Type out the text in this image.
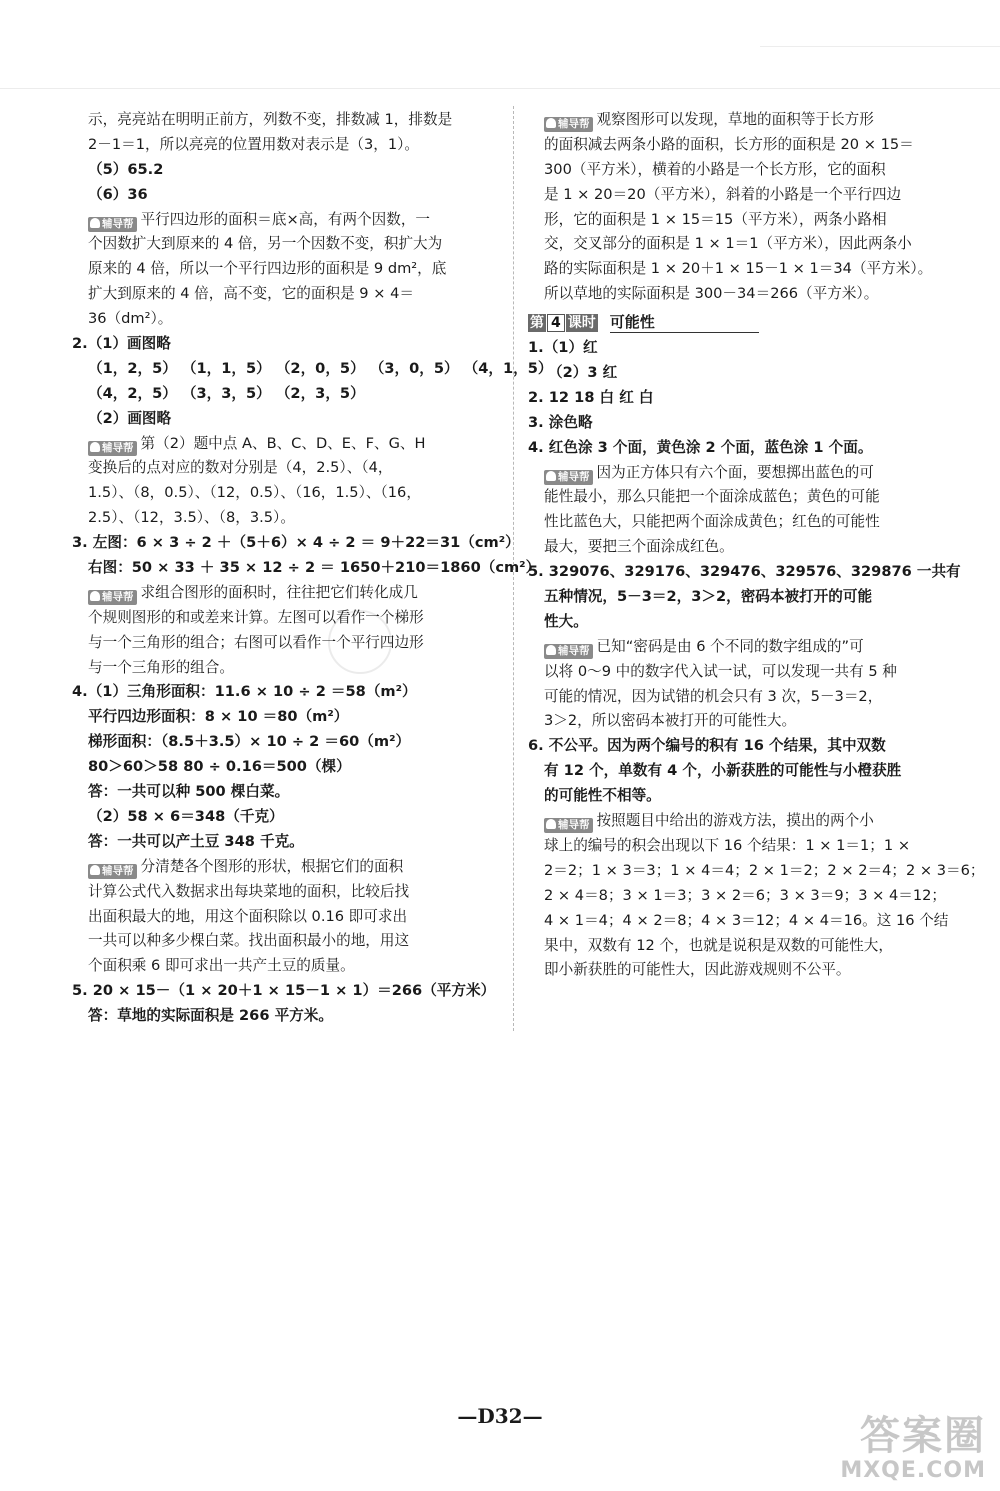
示，亮亮站在明明正前方，列数不变，排数减 1，排数是
2－1＝1，所以亮亮的位置用数对表示是（3，1）。
（5）65.2
（6）36
辅导帮 平行四边形的面积＝底×高，有两个因数，一
个因数扩大到原来的 4 倍，另一个因数不变，积扩大为
原来的 4 倍，所以一个平行四边形的面积是 9 dm²，底
扩大到原来的 4 倍，高不变，它的面积是 9 × 4＝
36（dm²）。
2.（1）画图略
（1，2，5） （1，1，5） （2，0，5） （3，0，5） （4，1，5）
（4，2，5） （3，3，5） （2，3，5）
（2）画图略
辅导帮 第（2）题中点 A、B、C、D、E、F、G、H
变换后的点对应的数对分别是（4，2.5）、（4，
1.5）、（8，0.5）、（12，0.5）、（16，1.5）、（16，
2.5）、（12，3.5）、（8，3.5）。
3. 左图：6 × 3 ÷ 2 ＋（5＋6）× 4 ÷ 2 ＝ 9＋22＝31（cm²）
右图：50 × 33 ＋ 35 × 12 ÷ 2 ＝ 1650＋210＝1860（cm²）
辅导帮 求组合图形的面积时，往往把它们转化成几
个规则图形的和或差来计算。左图可以看作一个梯形
与一个三角形的组合；右图可以看作一个平行四边形
与一个三角形的组合。
4.（1）三角形面积：11.6 × 10 ÷ 2 ＝58（m²）
平行四边形面积：8 × 10 ＝80（m²）
梯形面积：（8.5＋3.5）× 10 ÷ 2 ＝60（m²）
80＞60＞58 80 ÷ 0.16＝500（棵）
答：一共可以种 500 棵白菜。
（2）58 × 6＝348（千克）
答：一共可以产土豆 348 千克。
辅导帮 分清楚各个图形的形状，根据它们的面积
计算公式代入数据求出每块菜地的面积，比较后找
出面积最大的地，用这个面积除以 0.16 即可求出
一共可以种多少棵白菜。找出面积最小的地，用这
个面积乘 6 即可求出一共产土豆的质量。
5. 20 × 15－（1 × 20＋1 × 15－1 × 1）＝266（平方米）
答：草地的实际面积是 266 平方米。
辅导帮 观察图形可以发现，草地的面积等于长方形
的面积减去两条小路的面积，长方形的面积是 20 × 15＝
300（平方米），横着的小路是一个长方形，它的面积
是 1 × 20＝20（平方米），斜着的小路是一个平行四边
形，它的面积是 1 × 15＝15（平方米），两条小路相
交，交叉部分的面积是 1 × 1＝1（平方米），因此两条小
路的实际面积是 1 × 20＋1 × 15－1 × 1＝34（平方米）。
所以草地的实际面积是 300－34＝266（平方米）。
第 4 课时 可能性
1.（1）红
（2）3 红
2. 12 18 白 红 白
3. 涂色略
4. 红色涂 3 个面，黄色涂 2 个面，蓝色涂 1 个面。
辅导帮 因为正方体只有六个面，要想掷出蓝色的可
能性最小，那么只能把一个面涂成蓝色；黄色的可能
性比蓝色大，只能把两个面涂成黄色；红色的可能性
最大，要把三个面涂成红色。
5. 329076、329176、329476、329576、329876 一共有
五种情况，5－3＝2，3＞2，密码本被打开的可能
性大。
辅导帮 已知“密码是由 6 个不同的数字组成的”可
以将 0～9 中的数字代入试一试，可以发现一共有 5 种
可能的情况，因为试错的机会只有 3 次，5－3＝2，
3＞2，所以密码本被打开的可能性大。
6. 不公平。因为两个编号的积有 16 个结果，其中双数
有 12 个，单数有 4 个，小新获胜的可能性与小橙获胜
的可能性不相等。
辅导帮 按照题目中给出的游戏方法，摸出的两个小
球上的编号的积会出现以下 16 个结果：1 × 1＝1；1 ×
2＝2；1 × 3＝3；1 × 4＝4；2 × 1＝2；2 × 2＝4；2 × 3＝6；
2 × 4＝8；3 × 1＝3；3 × 2＝6；3 × 3＝9；3 × 4＝12；
4 × 1＝4；4 × 2＝8；4 × 3＝12；4 × 4＝16。这 16 个结
果中，双数有 12 个，也就是说积是双数的可能性大，
即小新获胜的可能性大，因此游戏规则不公平。
—D32—	答案圈
MXQE.COM
